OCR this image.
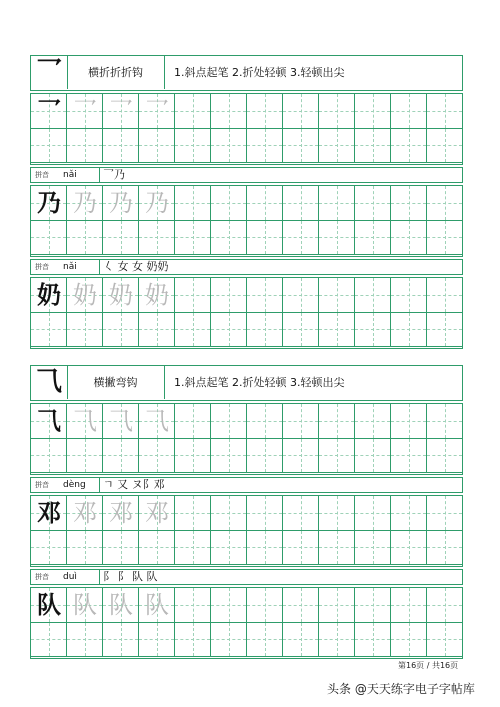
乛	横折折折钩	1.斜点起笔 2.折处轻顿 3.轻顿出尖
乛 乛 乛 乛
拼音 nǎi	乛乃
乃 乃 乃 乃
拼音 nǎi	𡿨 女 女 奶奶
奶 奶 奶 奶
⺄	横撇弯钩	1.斜点起笔 2.折处轻顿 3.轻顿出尖
⺄ ⺄ ⺄ ⺄
拼音 dèng	ㄱ 又 ヌ阝邓
邓 邓 邓 邓
拼音 duì	阝 阝 队 队
队 队 队 队
第16页 / 共16页
头条 @天天练字电子字帖库
